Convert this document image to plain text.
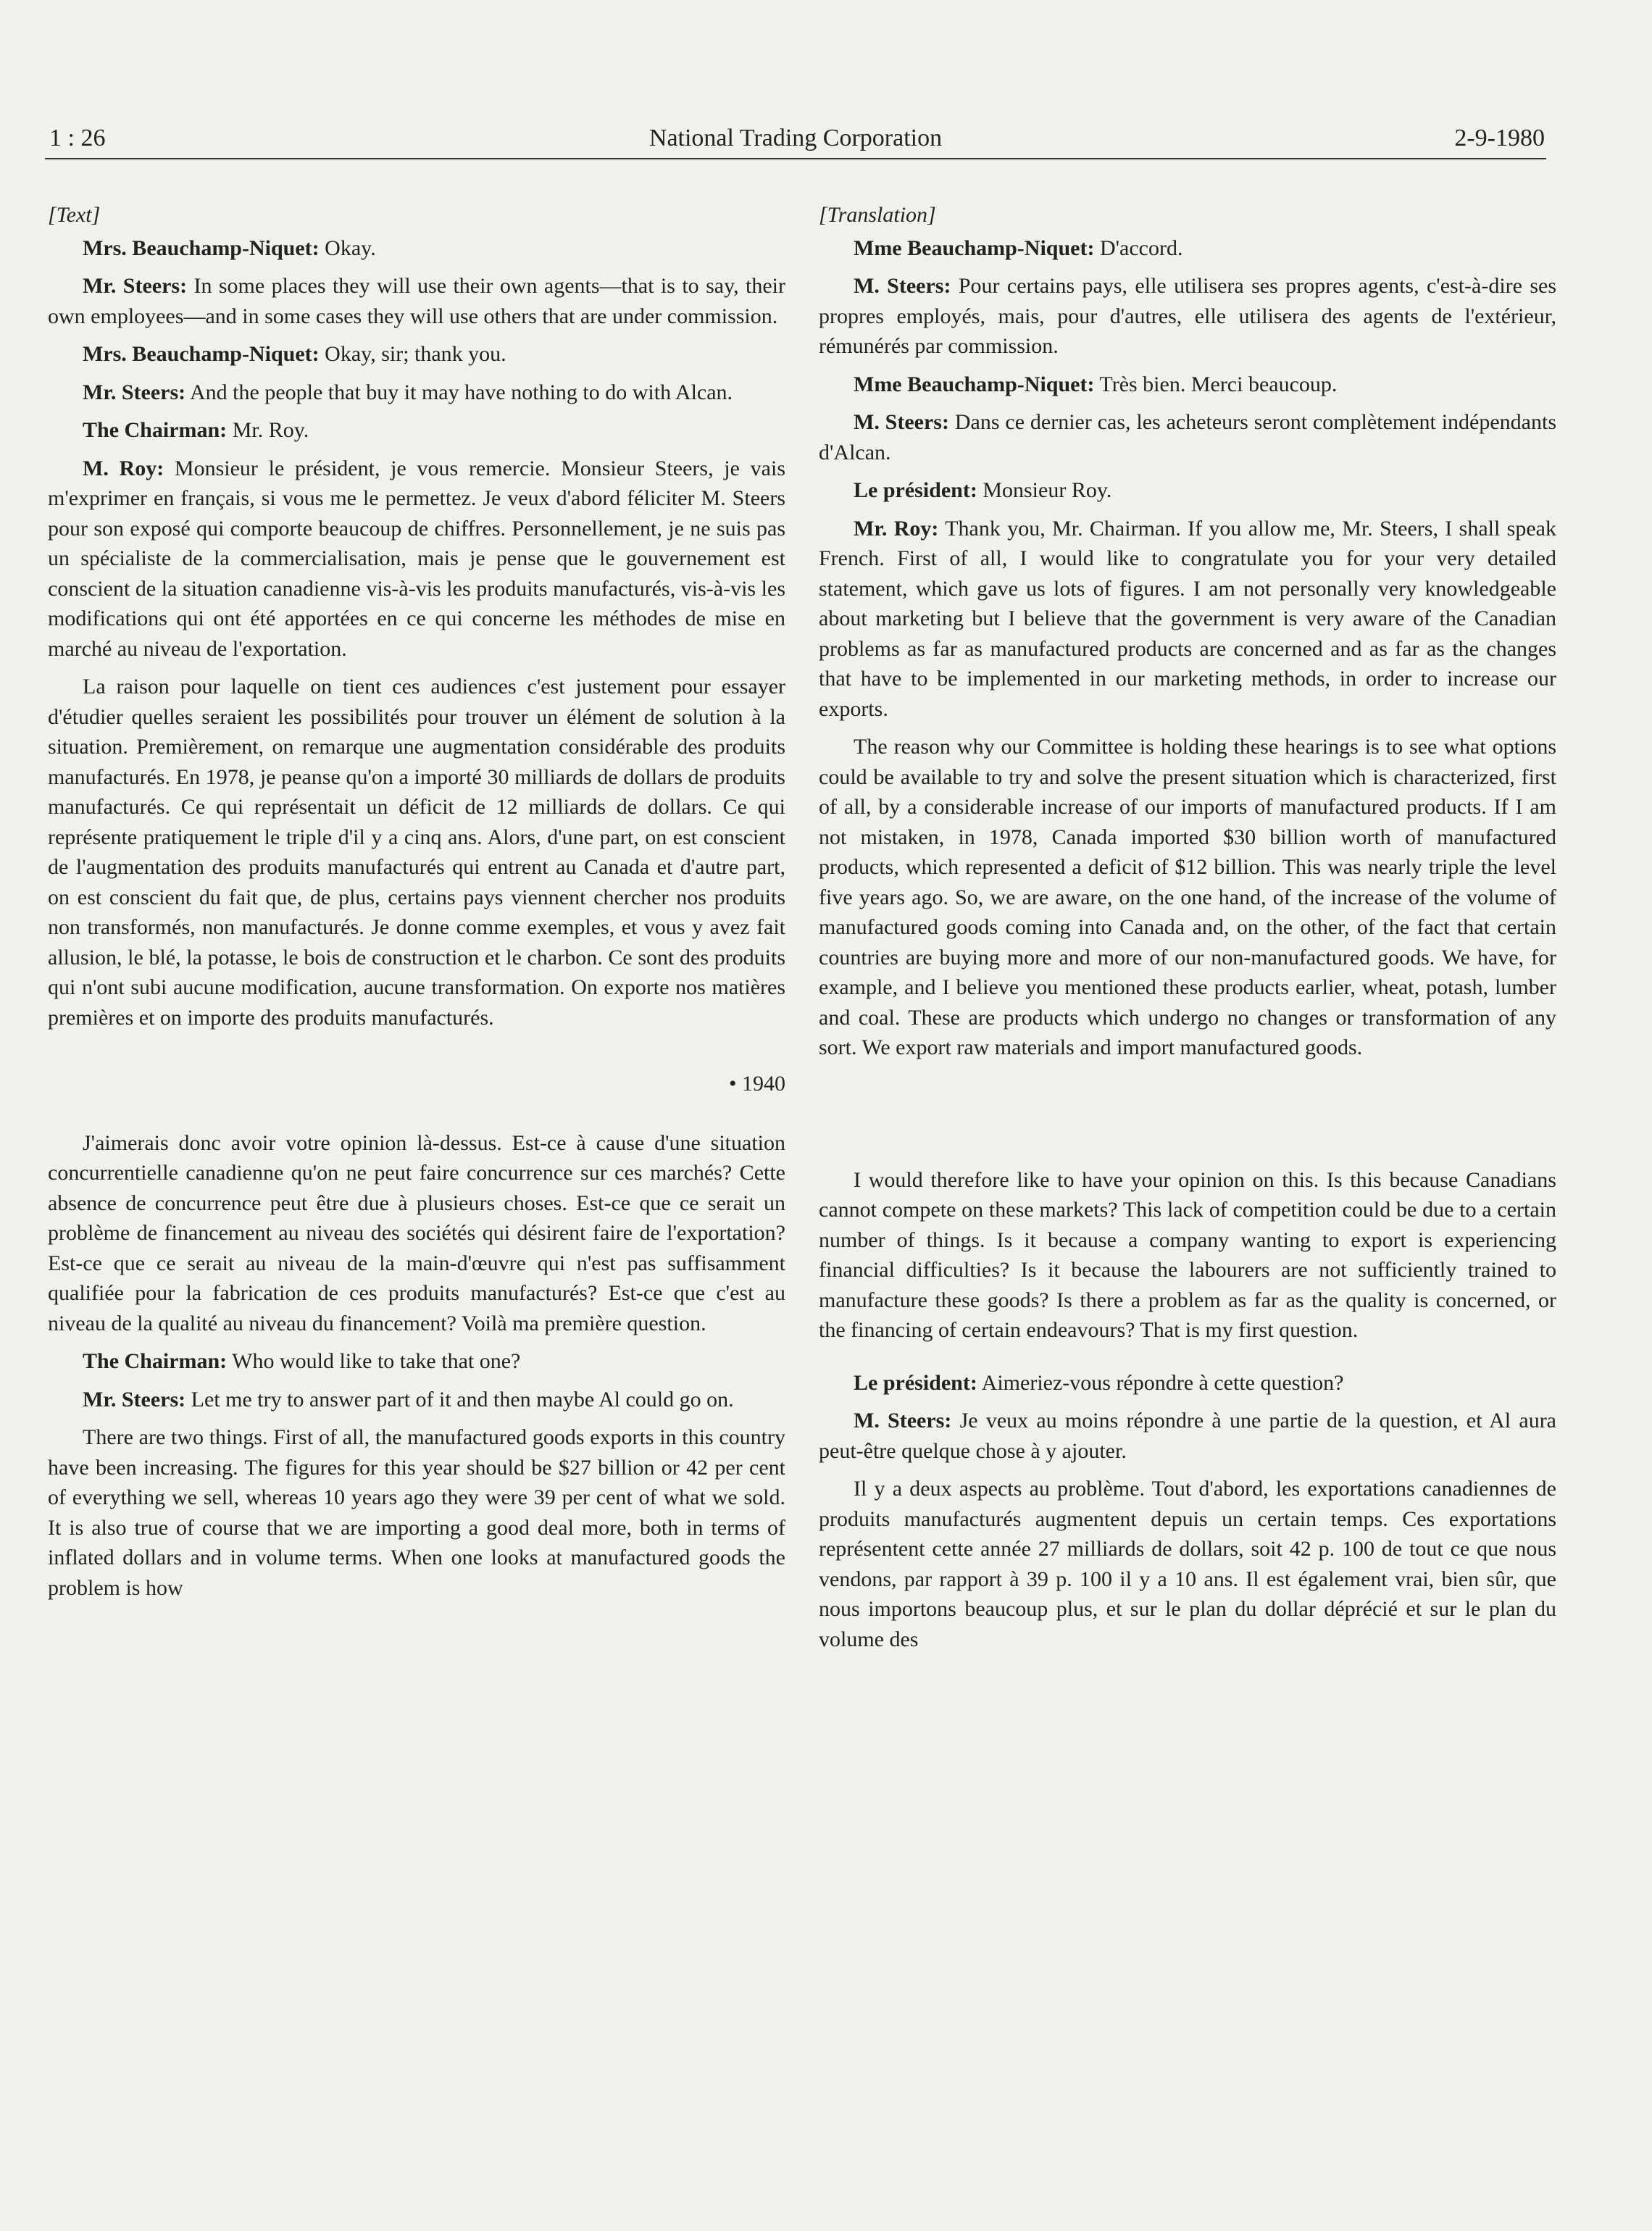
1 : 26	National Trading Corporation	2-9-1980

[Text]

Mrs. Beauchamp-Niquet: Okay.

Mr. Steers: In some places they will use their own agents—that is to say, their own employees—and in some cases they will use others that are under commission.

Mrs. Beauchamp-Niquet: Okay, sir; thank you.

Mr. Steers: And the people that buy it may have nothing to do with Alcan.

The Chairman: Mr. Roy.

M. Roy: Monsieur le président, je vous remercie. Monsieur Steers, je vais m'exprimer en français, si vous me le permettez. Je veux d'abord féliciter M. Steers pour son exposé qui comporte beaucoup de chiffres. Personnellement, je ne suis pas un spécialiste de la commercialisation, mais je pense que le gouvernement est conscient de la situation canadienne vis-à-vis les produits manufacturés, vis-à-vis les modifications qui ont été apportées en ce qui concerne les méthodes de mise en marché au niveau de l'exportation.

La raison pour laquelle on tient ces audiences c'est justement pour essayer d'étudier quelles seraient les possibilités pour trouver un élément de solution à la situation. Premièrement, on remarque une augmentation considérable des produits manufacturés. En 1978, je peanse qu'on a importé 30 milliards de dollars de produits manufacturés. Ce qui représentait un déficit de 12 milliards de dollars. Ce qui représente pratiquement le triple d'il y a cinq ans. Alors, d'une part, on est conscient de l'augmentation des produits manufacturés qui entrent au Canada et d'autre part, on est conscient du fait que, de plus, certains pays viennent chercher nos produits non transformés, non manufacturés. Je donne comme exemples, et vous y avez fait allusion, le blé, la potasse, le bois de construction et le charbon. Ce sont des produits qui n'ont subi aucune modification, aucune transformation. On exporte nos matières premières et on importe des produits manufacturés.

• 1940

J'aimerais donc avoir votre opinion là-dessus. Est-ce à cause d'une situation concurrentielle canadienne qu'on ne peut faire concurrence sur ces marchés? Cette absence de concurrence peut être due à plusieurs choses. Est-ce que ce serait un problème de financement au niveau des sociétés qui désirent faire de l'exportation? Est-ce que ce serait au niveau de la main-d'œuvre qui n'est pas suffisamment qualifiée pour la fabrication de ces produits manufacturés? Est-ce que c'est au niveau de la qualité au niveau du financement? Voilà ma première question.

The Chairman: Who would like to take that one?

Mr. Steers: Let me try to answer part of it and then maybe Al could go on.

There are two things. First of all, the manufactured goods exports in this country have been increasing. The figures for this year should be $27 billion or 42 per cent of everything we sell, whereas 10 years ago they were 39 per cent of what we sold. It is also true of course that we are importing a good deal more, both in terms of inflated dollars and in volume terms. When one looks at manufactured goods the problem is how

[Translation]

Mme Beauchamp-Niquet: D'accord.

M. Steers: Pour certains pays, elle utilisera ses propres agents, c'est-à-dire ses propres employés, mais, pour d'autres, elle utilisera des agents de l'extérieur, rémunérés par commission.

Mme Beauchamp-Niquet: Très bien. Merci beaucoup.

M. Steers: Dans ce dernier cas, les acheteurs seront complètement indépendants d'Alcan.

Le président: Monsieur Roy.

Mr. Roy: Thank you, Mr. Chairman. If you allow me, Mr. Steers, I shall speak French. First of all, I would like to congratulate you for your very detailed statement, which gave us lots of figures. I am not personally very knowledgeable about marketing but I believe that the government is very aware of the Canadian problems as far as manufactured products are concerned and as far as the changes that have to be implemented in our marketing methods, in order to increase our exports.

The reason why our Committee is holding these hearings is to see what options could be available to try and solve the present situation which is characterized, first of all, by a considerable increase of our imports of manufactured products. If I am not mistaken, in 1978, Canada imported $30 billion worth of manufactured products, which represented a deficit of $12 billion. This was nearly triple the level five years ago. So, we are aware, on the one hand, of the increase of the volume of manufactured goods coming into Canada and, on the other, of the fact that certain countries are buying more and more of our non-manufactured goods. We have, for example, and I believe you mentioned these products earlier, wheat, potash, lumber and coal. These are products which undergo no changes or transformation of any sort. We export raw materials and import manufactured goods.

I would therefore like to have your opinion on this. Is this because Canadians cannot compete on these markets? This lack of competition could be due to a certain number of things. Is it because a company wanting to export is experiencing financial difficulties? Is it because the labourers are not sufficiently trained to manufacture these goods? Is there a problem as far as the quality is concerned, or the financing of certain endeavours? That is my first question.

Le président: Aimeriez-vous répondre à cette question?

M. Steers: Je veux au moins répondre à une partie de la question, et Al aura peut-être quelque chose à y ajouter.

Il y a deux aspects au problème. Tout d'abord, les exportations canadiennes de produits manufacturés augmentent depuis un certain temps. Ces exportations représentent cette année 27 milliards de dollars, soit 42 p. 100 de tout ce que nous vendons, par rapport à 39 p. 100 il y a 10 ans. Il est également vrai, bien sûr, que nous importons beaucoup plus, et sur le plan du dollar déprécié et sur le plan du volume des
